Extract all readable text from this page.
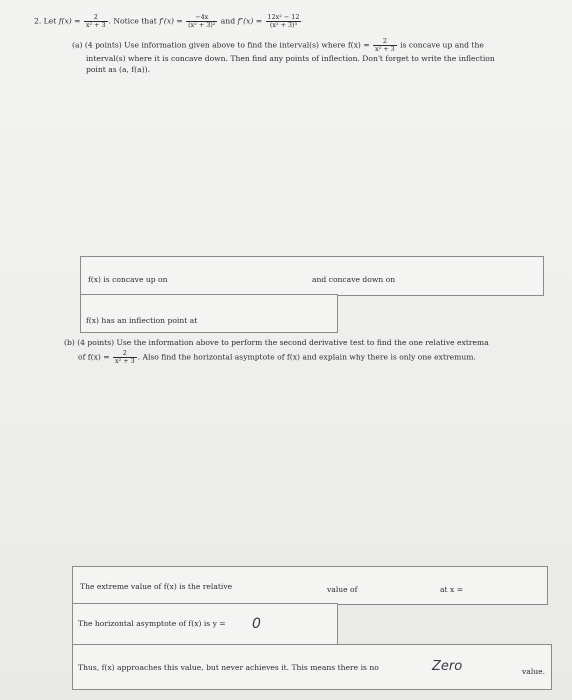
2. Let $f(x) = \frac{2}{\text{x² + 3}}$ . Notice that $f'(x) = \frac{-4x}{\text{(x² + 3)²}}$ and $f''(x) = \frac{\text{12x² − 12}}{\text{(x² + 3)³}}$
(a) (4 points) Use information given above to find the interval(s) where $f(x) = \frac{2}{\text{x² + 3}}$ is concave up and the
interval(s) where it is concave down. Then find any points of inflection. Don't forget to write the inflection
point as (a, f(a)).
f(x) is concave up on	and concave down on
f(x) has an inflection point at
(b) (4 points) Use the information above to perform the second derivative test to find the one relative extrema
of $f(x) = \frac{2}{\text{x² + 3}}$ . Also find the horizontal asymptote of f(x) and explain why there is only one extremum.
The extreme value of f(x) is the relative	value of	at x =
The horizontal asymptote of f(x) is y = 0
Thus, f(x) approaches this value, but never achieves it. This means there is no	Zero	value.
